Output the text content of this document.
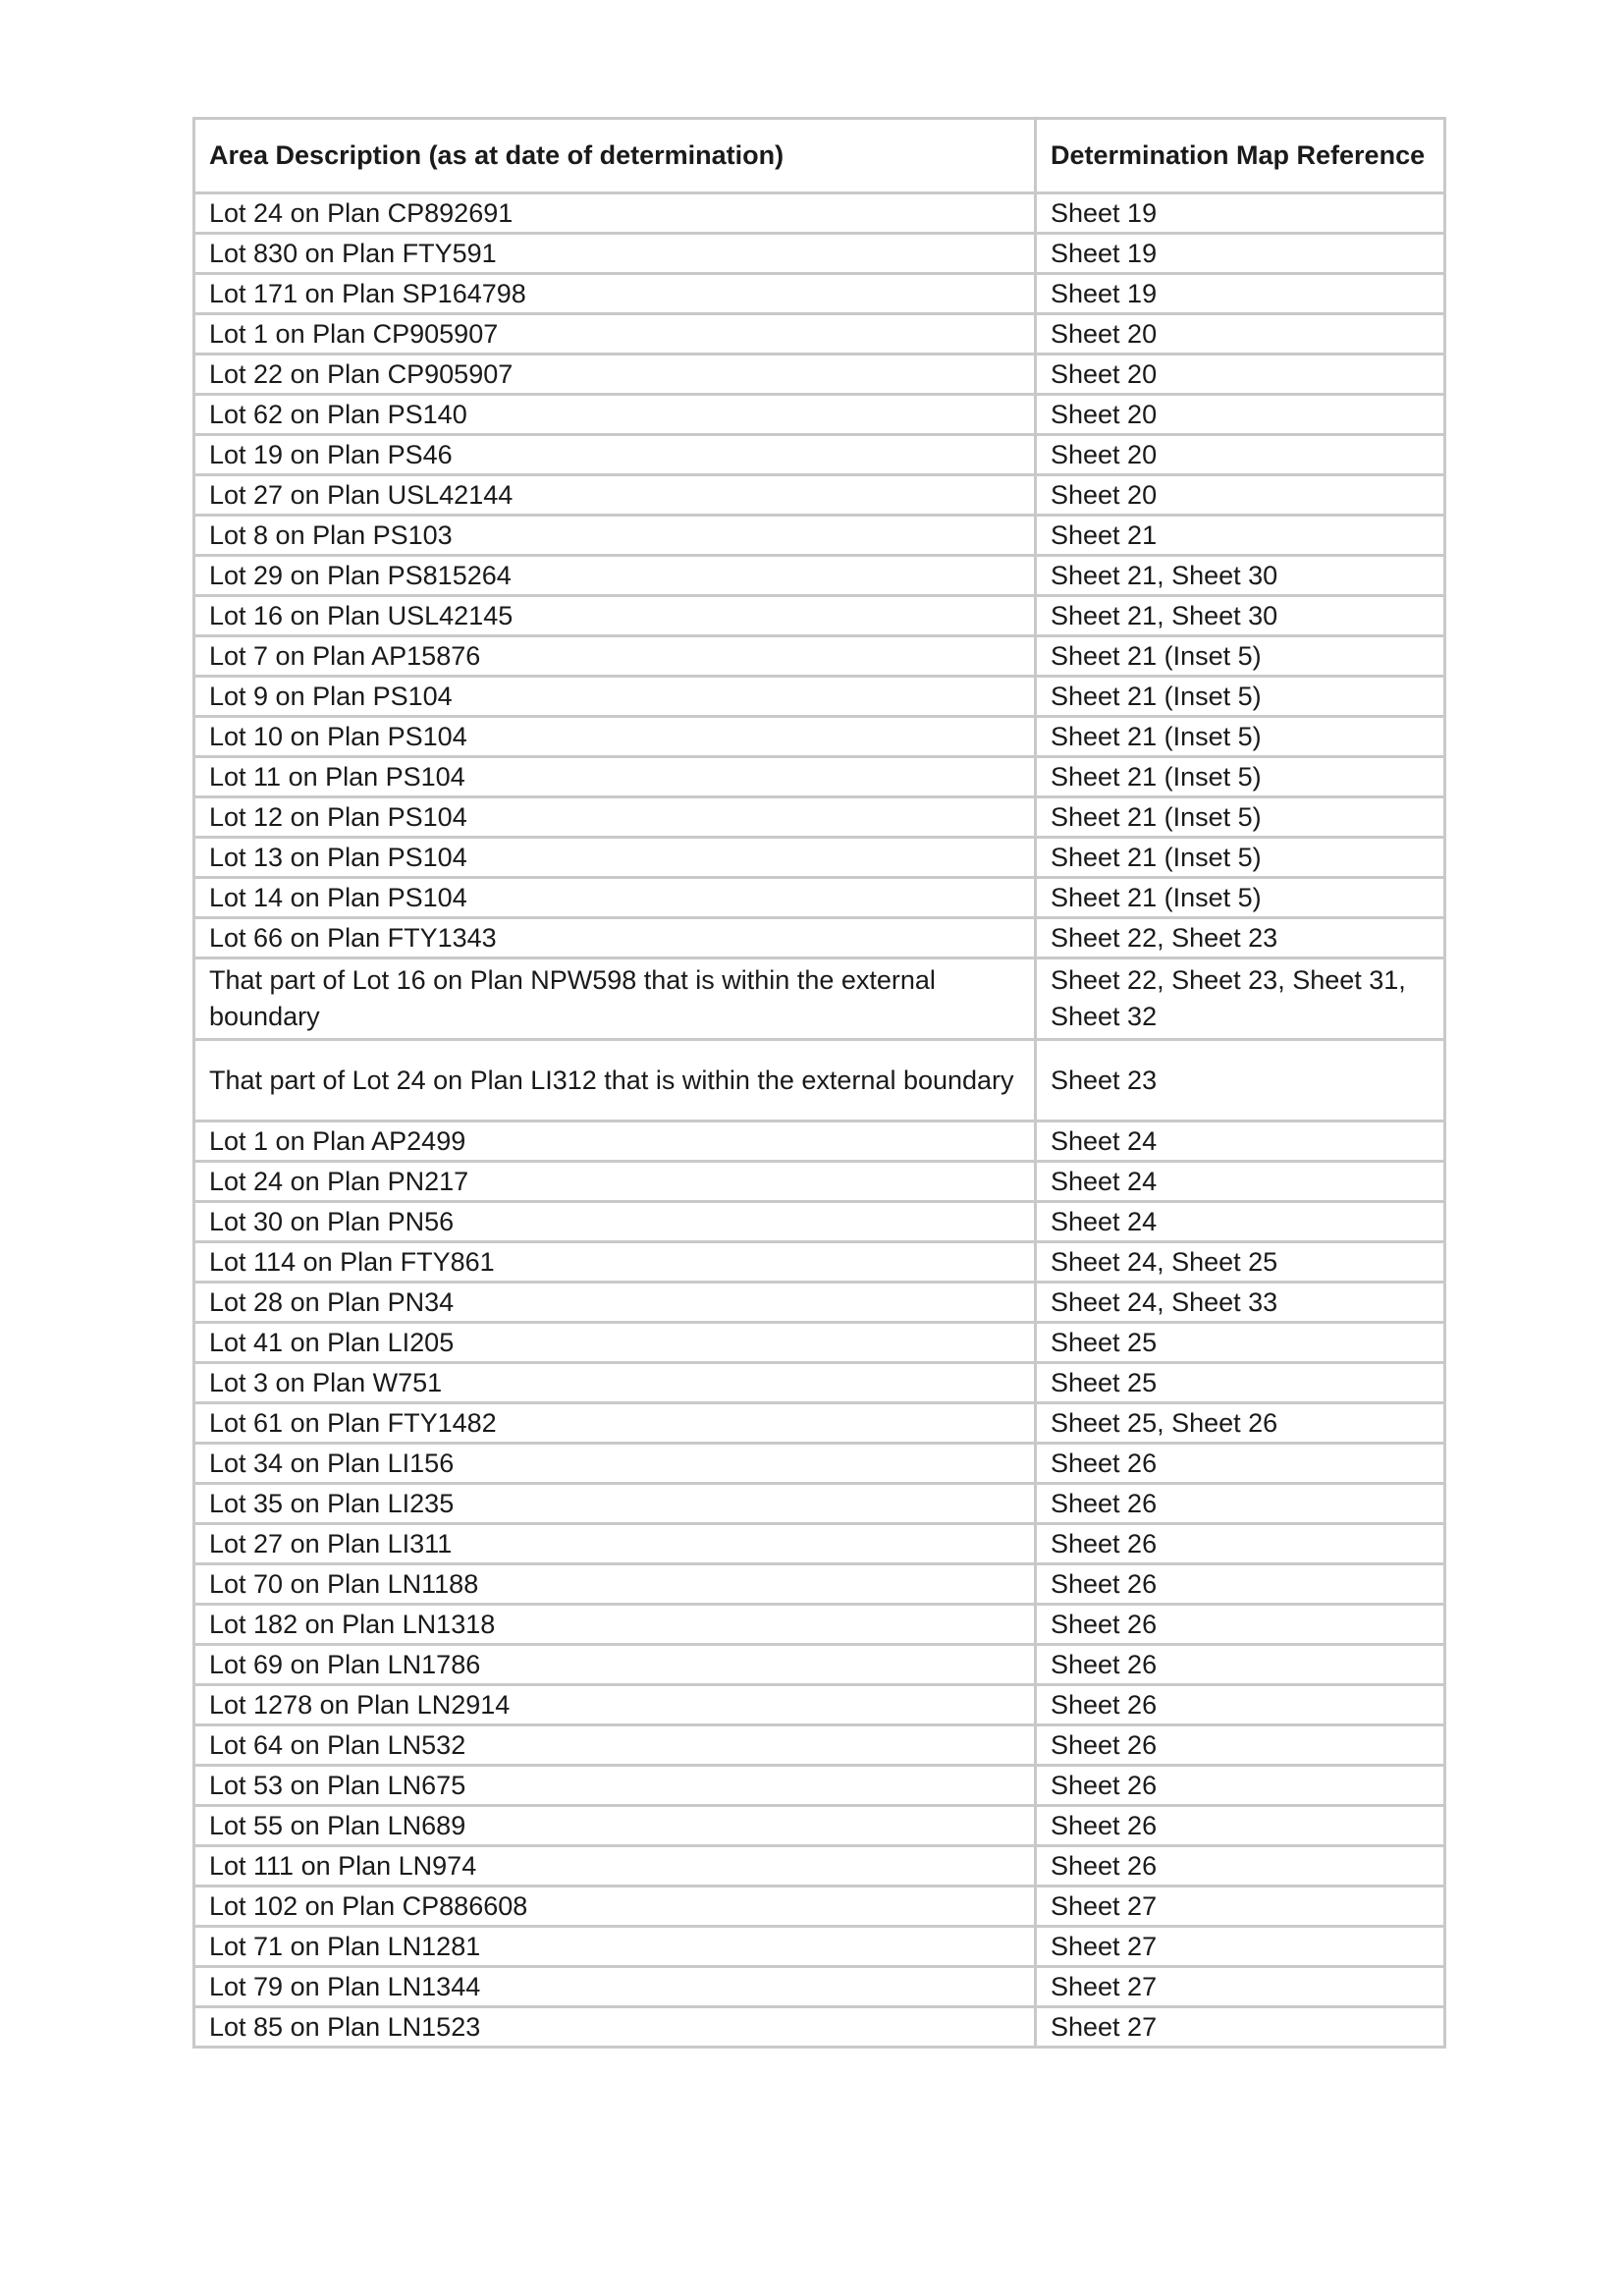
Area Description (as at date of determination)	Determination Map Reference
Lot 24 on Plan CP892691	Sheet 19
Lot 830 on Plan FTY591	Sheet 19
Lot 171 on Plan SP164798	Sheet 19
Lot 1 on Plan CP905907	Sheet 20
Lot 22 on Plan CP905907	Sheet 20
Lot 62 on Plan PS140	Sheet 20
Lot 19 on Plan PS46	Sheet 20
Lot 27 on Plan USL42144	Sheet 20
Lot 8 on Plan PS103	Sheet 21
Lot 29 on Plan PS815264	Sheet 21, Sheet 30
Lot 16 on Plan USL42145	Sheet 21, Sheet 30
Lot 7 on Plan AP15876	Sheet 21 (Inset 5)
Lot 9 on Plan PS104	Sheet 21 (Inset 5)
Lot 10 on Plan PS104	Sheet 21 (Inset 5)
Lot 11 on Plan PS104	Sheet 21 (Inset 5)
Lot 12 on Plan PS104	Sheet 21 (Inset 5)
Lot 13 on Plan PS104	Sheet 21 (Inset 5)
Lot 14 on Plan PS104	Sheet 21 (Inset 5)
Lot 66 on Plan FTY1343	Sheet 22, Sheet 23
That part of Lot 16 on Plan NPW598 that is within the external boundary	Sheet 22, Sheet 23, Sheet 31, Sheet 32
That part of Lot 24 on Plan LI312 that is within the external boundary	Sheet 23
Lot 1 on Plan AP2499	Sheet 24
Lot 24 on Plan PN217	Sheet 24
Lot 30 on Plan PN56	Sheet 24
Lot 114 on Plan FTY861	Sheet 24, Sheet 25
Lot 28 on Plan PN34	Sheet 24, Sheet 33
Lot 41 on Plan LI205	Sheet 25
Lot 3 on Plan W751	Sheet 25
Lot 61 on Plan FTY1482	Sheet 25, Sheet 26
Lot 34 on Plan LI156	Sheet 26
Lot 35 on Plan LI235	Sheet 26
Lot 27 on Plan LI311	Sheet 26
Lot 70 on Plan LN1188	Sheet 26
Lot 182 on Plan LN1318	Sheet 26
Lot 69 on Plan LN1786	Sheet 26
Lot 1278 on Plan LN2914	Sheet 26
Lot 64 on Plan LN532	Sheet 26
Lot 53 on Plan LN675	Sheet 26
Lot 55 on Plan LN689	Sheet 26
Lot 111 on Plan LN974	Sheet 26
Lot 102 on Plan CP886608	Sheet 27
Lot 71 on Plan LN1281	Sheet 27
Lot 79 on Plan LN1344	Sheet 27
Lot 85 on Plan LN1523	Sheet 27
